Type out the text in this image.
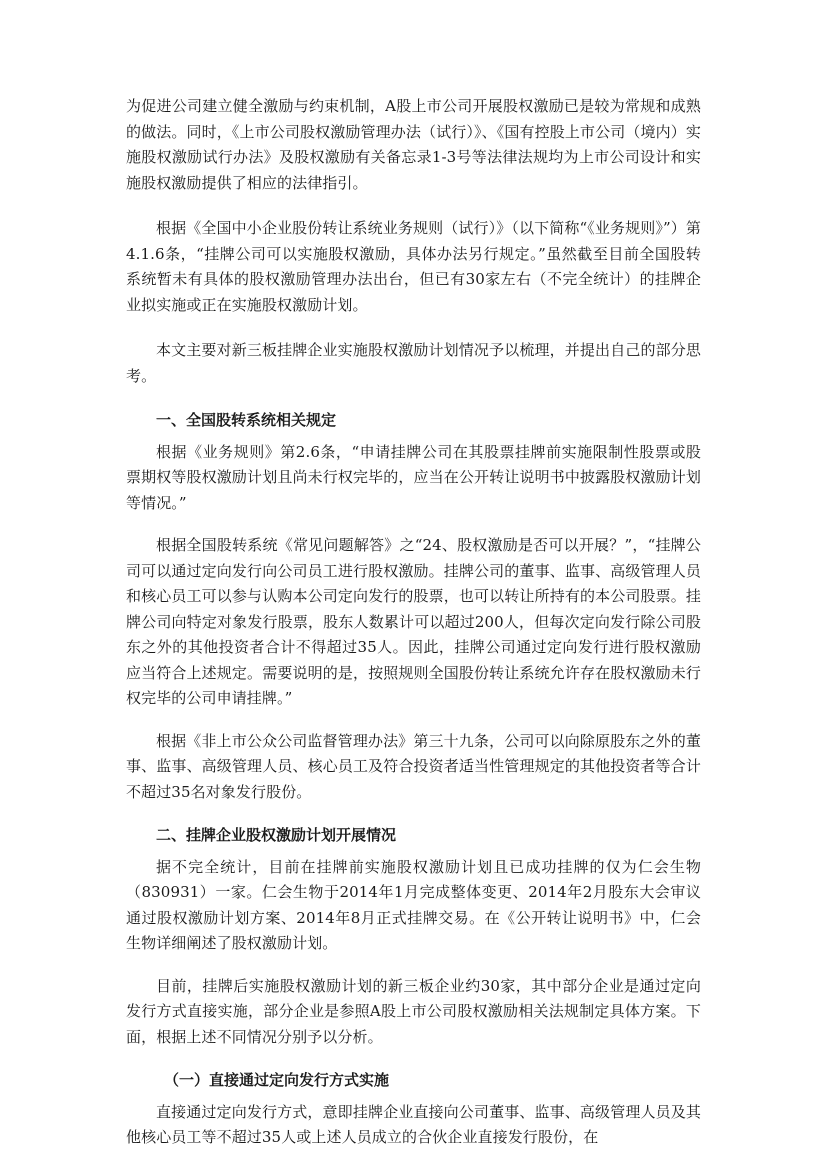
为促进公司建立健全激励与约束机制，A股上市公司开展股权激励已是较为常规和成熟的做法。同时，《上市公司股权激励管理办法（试行）》、《国有控股上市公司（境内）实施股权激励试行办法》及股权激励有关备忘录1-3号等法律法规均为上市公司设计和实施股权激励提供了相应的法律指引。

根据《全国中小企业股份转让系统业务规则（试行）》（以下简称“《业务规则》”）第4.1.6条，“挂牌公司可以实施股权激励，具体办法另行规定。”虽然截至目前全国股转系统暂未有具体的股权激励管理办法出台，但已有30家左右（不完全统计）的挂牌企业拟实施或正在实施股权激励计划。

本文主要对新三板挂牌企业实施股权激励计划情况予以梳理，并提出自己的部分思考。

一、全国股转系统相关规定

根据《业务规则》第2.6条，“申请挂牌公司在其股票挂牌前实施限制性股票或股票期权等股权激励计划且尚未行权完毕的，应当在公开转让说明书中披露股权激励计划等情况。”

根据全国股转系统《常见问题解答》之“24、股权激励是否可以开展？”，“挂牌公司可以通过定向发行向公司员工进行股权激励。挂牌公司的董事、监事、高级管理人员和核心员工可以参与认购本公司定向发行的股票，也可以转让所持有的本公司股票。挂牌公司向特定对象发行股票，股东人数累计可以超过200人，但每次定向发行除公司股东之外的其他投资者合计不得超过35人。因此，挂牌公司通过定向发行进行股权激励应当符合上述规定。需要说明的是，按照规则全国股份转让系统允许存在股权激励未行权完毕的公司申请挂牌。”

根据《非上市公众公司监督管理办法》第三十九条，公司可以向除原股东之外的董事、监事、高级管理人员、核心员工及符合投资者适当性管理规定的其他投资者等合计不超过35名对象发行股份。

二、挂牌企业股权激励计划开展情况

据不完全统计，目前在挂牌前实施股权激励计划且已成功挂牌的仅为仁会生物（830931）一家。仁会生物于2014年1月完成整体变更、2014年2月股东大会审议通过股权激励计划方案、2014年8月正式挂牌交易。在《公开转让说明书》中，仁会生物详细阐述了股权激励计划。

目前，挂牌后实施股权激励计划的新三板企业约30家，其中部分企业是通过定向发行方式直接实施，部分企业是参照A股上市公司股权激励相关法规制定具体方案。下面，根据上述不同情况分别予以分析。

（一）直接通过定向发行方式实施

直接通过定向发行方式，意即挂牌企业直接向公司董事、监事、高级管理人员及其他核心员工等不超过35人或上述人员成立的合伙企业直接发行股份，在
